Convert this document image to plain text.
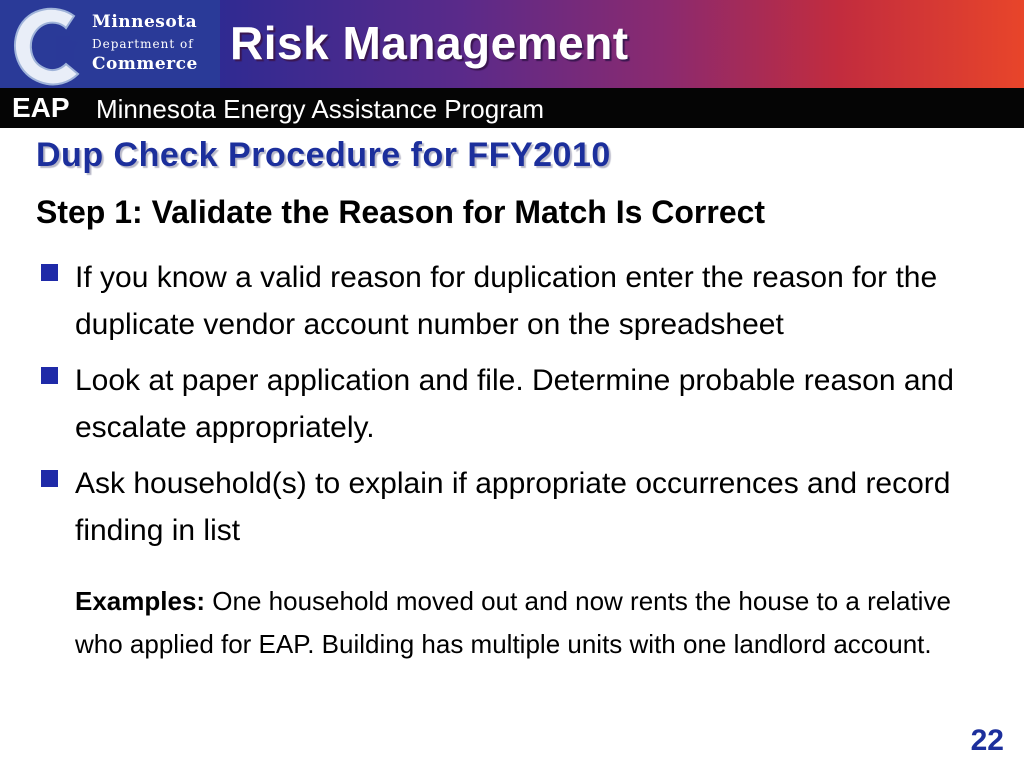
Minnesota
Department of
Commerce Risk Management
EAP Minnesota Energy Assistance Program
Dup Check Procedure for FFY2010
Step 1: Validate the Reason for Match Is Correct
If you know a valid reason for duplication enter the reason for the duplicate vendor account number on the spreadsheet
Look at paper application and file. Determine probable reason and escalate appropriately.
Ask household(s) to explain if appropriate occurrences and record finding in list
Examples: One household moved out and now rents the house to a relative who applied for EAP. Building has multiple units with one landlord account.
22
